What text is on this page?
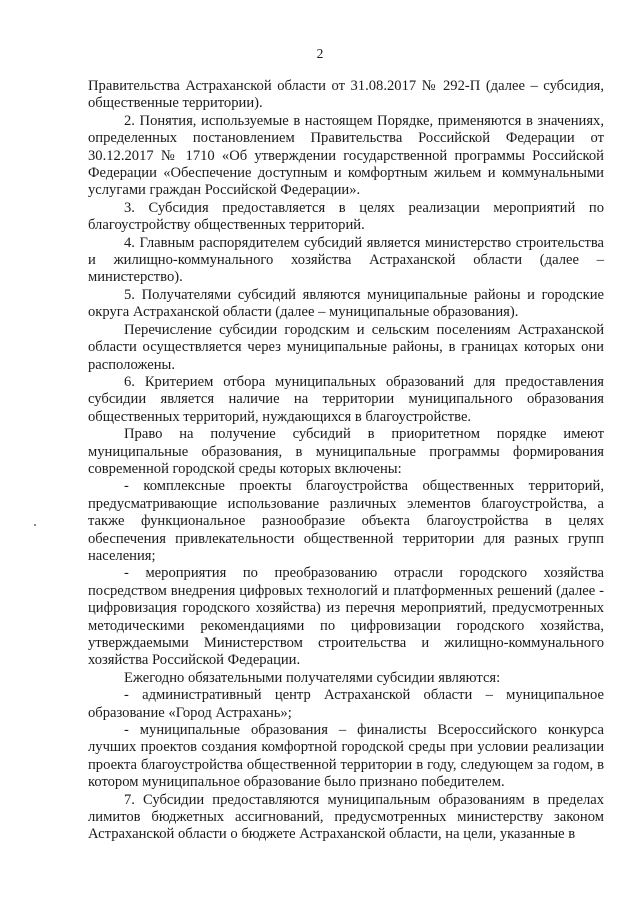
2

Правительства Астраханской области от 31.08.2017 № 292-П (далее – субсидия, общественные территории).

2. Понятия, используемые в настоящем Порядке, применяются в значениях, определенных постановлением Правительства Российской Федерации от 30.12.2017 № 1710 «Об утверждении государственной программы Российской Федерации «Обеспечение доступным и комфортным жильем и коммунальными услугами граждан Российской Федерации».

3. Субсидия предоставляется в целях реализации мероприятий по благоустройству общественных территорий.

4. Главным распорядителем субсидий является министерство строительства и жилищно-коммунального хозяйства Астраханской области (далее – министерство).

5. Получателями субсидий являются муниципальные районы и городские округа Астраханской области (далее – муниципальные образования).

Перечисление субсидии городским и сельским поселениям Астраханской области осуществляется через муниципальные районы, в границах которых они расположены.

6. Критерием отбора муниципальных образований для предоставления субсидии является наличие на территории муниципального образования общественных территорий, нуждающихся в благоустройстве.

Право на получение субсидий в приоритетном порядке имеют муниципальные образования, в муниципальные программы формирования современной городской среды которых включены:

- комплексные проекты благоустройства общественных территорий, предусматривающие использование различных элементов благоустройства, а также функциональное разнообразие объекта благоустройства в целях обеспечения привлекательности общественной территории для разных групп населения;

- мероприятия по преобразованию отрасли городского хозяйства посредством внедрения цифровых технологий и платформенных решений (далее - цифровизация городского хозяйства) из перечня мероприятий, предусмотренных методическими рекомендациями по цифровизации городского хозяйства, утверждаемыми Министерством строительства и жилищно-коммунального хозяйства Российской Федерации.

Ежегодно обязательными получателями субсидии являются:

- административный центр Астраханской области – муниципальное образование «Город Астрахань»;

- муниципальные образования – финалисты Всероссийского конкурса лучших проектов создания комфортной городской среды при условии реализации проекта благоустройства общественной территории в году, следующем за годом, в котором муниципальное образование было признано победителем.

7. Субсидии предоставляются муниципальным образованиям в пределах лимитов бюджетных ассигнований, предусмотренных министерству законом Астраханской области о бюджете Астраханской области, на цели, указанные в
